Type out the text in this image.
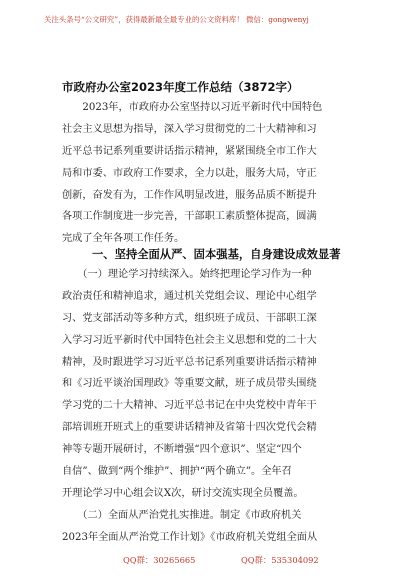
关注头条号“公文研究”，获得最新最全最专业的公文资料库！ 微信：gongwenyj
市政府办公室2023年度工作总结（3872字）
　　2023年，市政府办公室坚持以习近平新时代中国特色
社会主义思想为指导，深入学习贯彻党的二十大精神和习
近平总书记系列重要讲话指示精神，紧紧围绕全市工作大
局和市委、市政府工作要求，全力以赴，服务大局，守正
创新，奋发有为，工作作风明显改进，服务品质不断提升
各项工作制度进一步完善，干部职工素质整体提高，圆满
完成了全年各项工作任务。
一、坚持全面从严、固本强基，自身建设成效显著
　　（一）理论学习持续深入。始终把理论学习作为一种
政治责任和精神追求，通过机关党组会议、理论中心组学
习、党支部活动等多种方式，组织班子成员、干部职工深
入学习习近平新时代中国特色社会主义思想和党的二十大
精神，及时跟进学习习近平总书记系列重要讲话指示精神
和《习近平谈治国理政》等重要文献，班子成员带头围绕
学习党的二十大精神、习近平总书记在中央党校中青年干
部培训班开班式上的重要讲话精神及省第十四次党代会精
神等专题开展研讨，不断增强“四个意识”、坚定“四个
自信”、做到“两个维护”、拥护“两个确立”。全年召
开理论学习中心组会议X次，研讨交流实现全员覆盖。
　　（二）全面从严治党扎实推进。制定《市政府机关
2023年全面从严治党工作计划》《市政府机关党组全面从
QQ群：30265665	QQ群：535304092
